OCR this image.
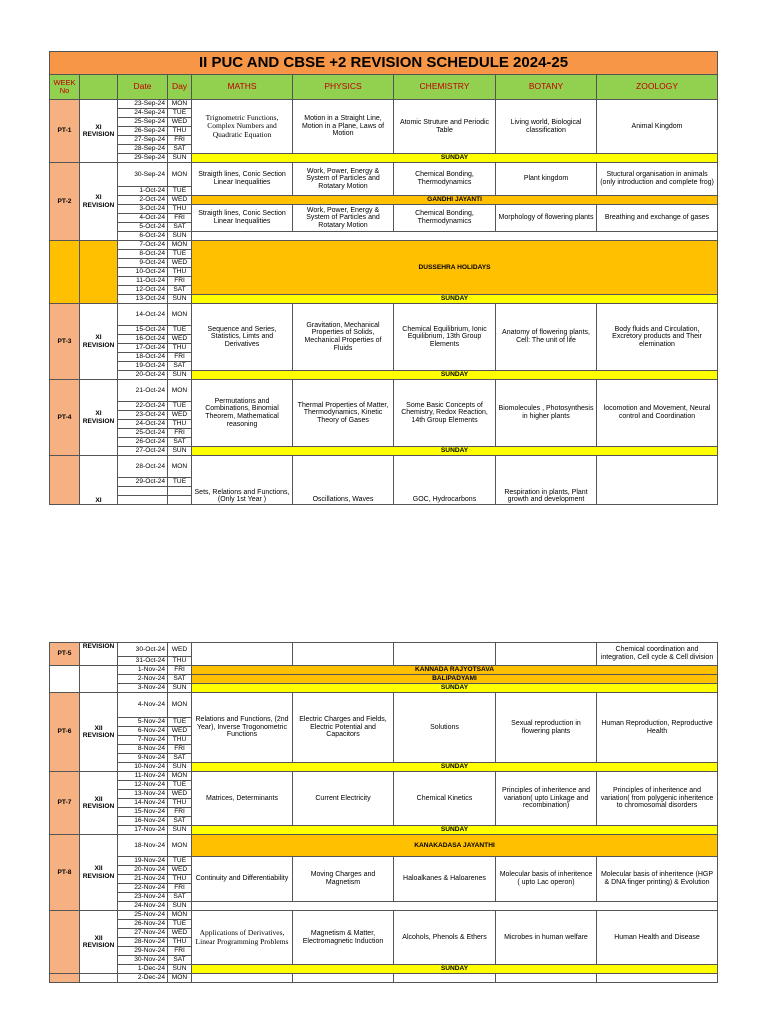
II PUC AND CBSE +2 REVISION SCHEDULE 2024-25								
WEEK No		Date	Day	MATHS	PHYSICS	CHEMISTRY	BOTANY	ZOOLOGY
PT-1	XI REVISION	23-Sep-24	MON	Trignometric Functions, Complex Numbers and Quadratic Equation	Motion in a Straight Line, Motion in a Plane, Laws of Motion	Atomic Struture and Periodic Table	Living world, Biological classification	Animal Kingdom
		24-Sep-24	TUE					
		25-Sep-24	WED					
		26-Sep-24	THU					
		27-Sep-24	FRI					
		28-Sep-24	SAT					
		29-Sep-24	SUN	SUNDAY				
PT-2	XI REVISION	30-Sep-24	MON	Straigth lines, Conic Section Linear Inequalities	Work, Power, Energy & System of Particles and Rotatary Motion	Chemical Bonding, Thermodynamics	Plant kingdom	Stuctural organisation in animals (only introduction and complete frog)
		1-Oct-24	TUE					
		2-Oct-24	WED	GANDHI JAYANTI				
		3-Oct-24	THU	Straigth lines, Conic Section Linear Inequalities	Work, Power, Energy & System of Particles and Rotatary Motion	Chemical Bonding, Thermodynamics	Morphology of flowering plants	Breathing and exchange of gases
		4-Oct-24	FRI					
		5-Oct-24	SAT					
		6-Oct-24	SUN					
		7-Oct-24	MON	DUSSEHRA HOLIDAYS				
		8-Oct-24	TUE					
		9-Oct-24	WED					
		10-Oct-24	THU					
		11-Oct-24	FRI					
		12-Oct-24	SAT					
		13-Oct-24	SUN	SUNDAY				
PT-3	XI REVISION	14-Oct-24	MON	Sequence and Series, Statistics, Limts and Derivatives	Gravitation, Mechanical Properties of Solids, Mechanical Properties of Fluids	Chemical Equilibrium, Ionic Equilibrium, 13th Group Elements	Anatomy of flowering plants, Cell: The unit of life	Body fluids and Circulation, Excretory products and Their elemination
		15-Oct-24	TUE					
		16-Oct-24	WED					
		17-Oct-24	THU					
		18-Oct-24	FRI					
		19-Oct-24	SAT					
		20-Oct-24	SUN	SUNDAY				
PT-4	XI REVISION	21-Oct-24	MON	Permutations and Combinations, Binomial Theorem, Mathematical reasoning	Thermal Properties of Matter, Thermodynamics, Kinetic Theory of Gases	Some Basic Concepts of Chemistry, Redox Reaction, 14th Group Elements	Biomolecules , Photosynthesis in higher plants	locomotion and Movement, Neural control and Coordination
		22-Oct-24	TUE					
		23-Oct-24	WED					
		24-Oct-24	THU					
		25-Oct-24	FRI					
		26-Oct-24	SAT					
		27-Oct-24	SUN	SUNDAY				
	XI	28-Oct-24	MON	Sets, Relations and Functions, (Only 1st Year )	Oscillations, Waves	GOC, Hydrocarbons	Respiration in plants, Plant growth and development	
		29-Oct-24	TUE					

PT-5	REVISION	30-Oct-24	WED					Chemical coordination and integration, Cell cycle & Cell division
		31-Oct-24	THU					
		1-Nov-24	FRI	KANNADA RAJYOTSAVA				
		2-Nov-24	SAT	BALIPADYAMI				
		3-Nov-24	SUN	SUNDAY				
PT-6	XII REVISION	4-Nov-24	MON	Relations and Functions, (2nd Year), Inverse Trogonometric Functions	Electric Charges and Fields, Electric Potential and Capacitors	Solutions	Sexual reproduction in flowering plants	Human Reproduction, Reproductive Health
		5-Nov-24	TUE					
		6-Nov-24	WED					
		7-Nov-24	THU					
		8-Nov-24	FRI					
		9-Nov-24	SAT					
		10-Nov-24	SUN	SUNDAY				
PT-7	XII REVISION	11-Nov-24	MON	Matrices, Determinants	Current Electricity	Chemical Kinetics	Principles of inheritence and variation( upto Linkage and recombination)	Principles of inheritence and variation( from polygenic inheritence to chromosomal disorders
		12-Nov-24	TUE					
		13-Nov-24	WED					
		14-Nov-24	THU					
		15-Nov-24	FRI					
		16-Nov-24	SAT					
		17-Nov-24	SUN	SUNDAY				
PT-8	XII REVISION	18-Nov-24	MON	KANAKADASA JAYANTHI				
		19-Nov-24	TUE	Continuity and Differentiability	Moving Charges and Magnetism	Haloalkanes & Haloarenes	Molecular basis of inheritence ( upto Lac operon)	Molecular basis of inheritence (HGP & DNA finger printing) & Evolution
		20-Nov-24	WED					
		21-Nov-24	THU					
		22-Nov-24	FRI					
		23-Nov-24	SAT					
		24-Nov-24	SUN					
	XII REVISION	25-Nov-24	MON	Applications of Derivatives, Linear Programming Problems	Magnetism & Matter, Electromagnetic Induction	Alcohols, Phenols & Ethers	Microbes in human welfare	Human Health and Disease
		26-Nov-24	TUE					
		27-Nov-24	WED					
		28-Nov-24	THU					
		29-Nov-24	FRI					
		30-Nov-24	SAT					
		1-Dec-24	SUN	SUNDAY				
		2-Dec-24	MON					
